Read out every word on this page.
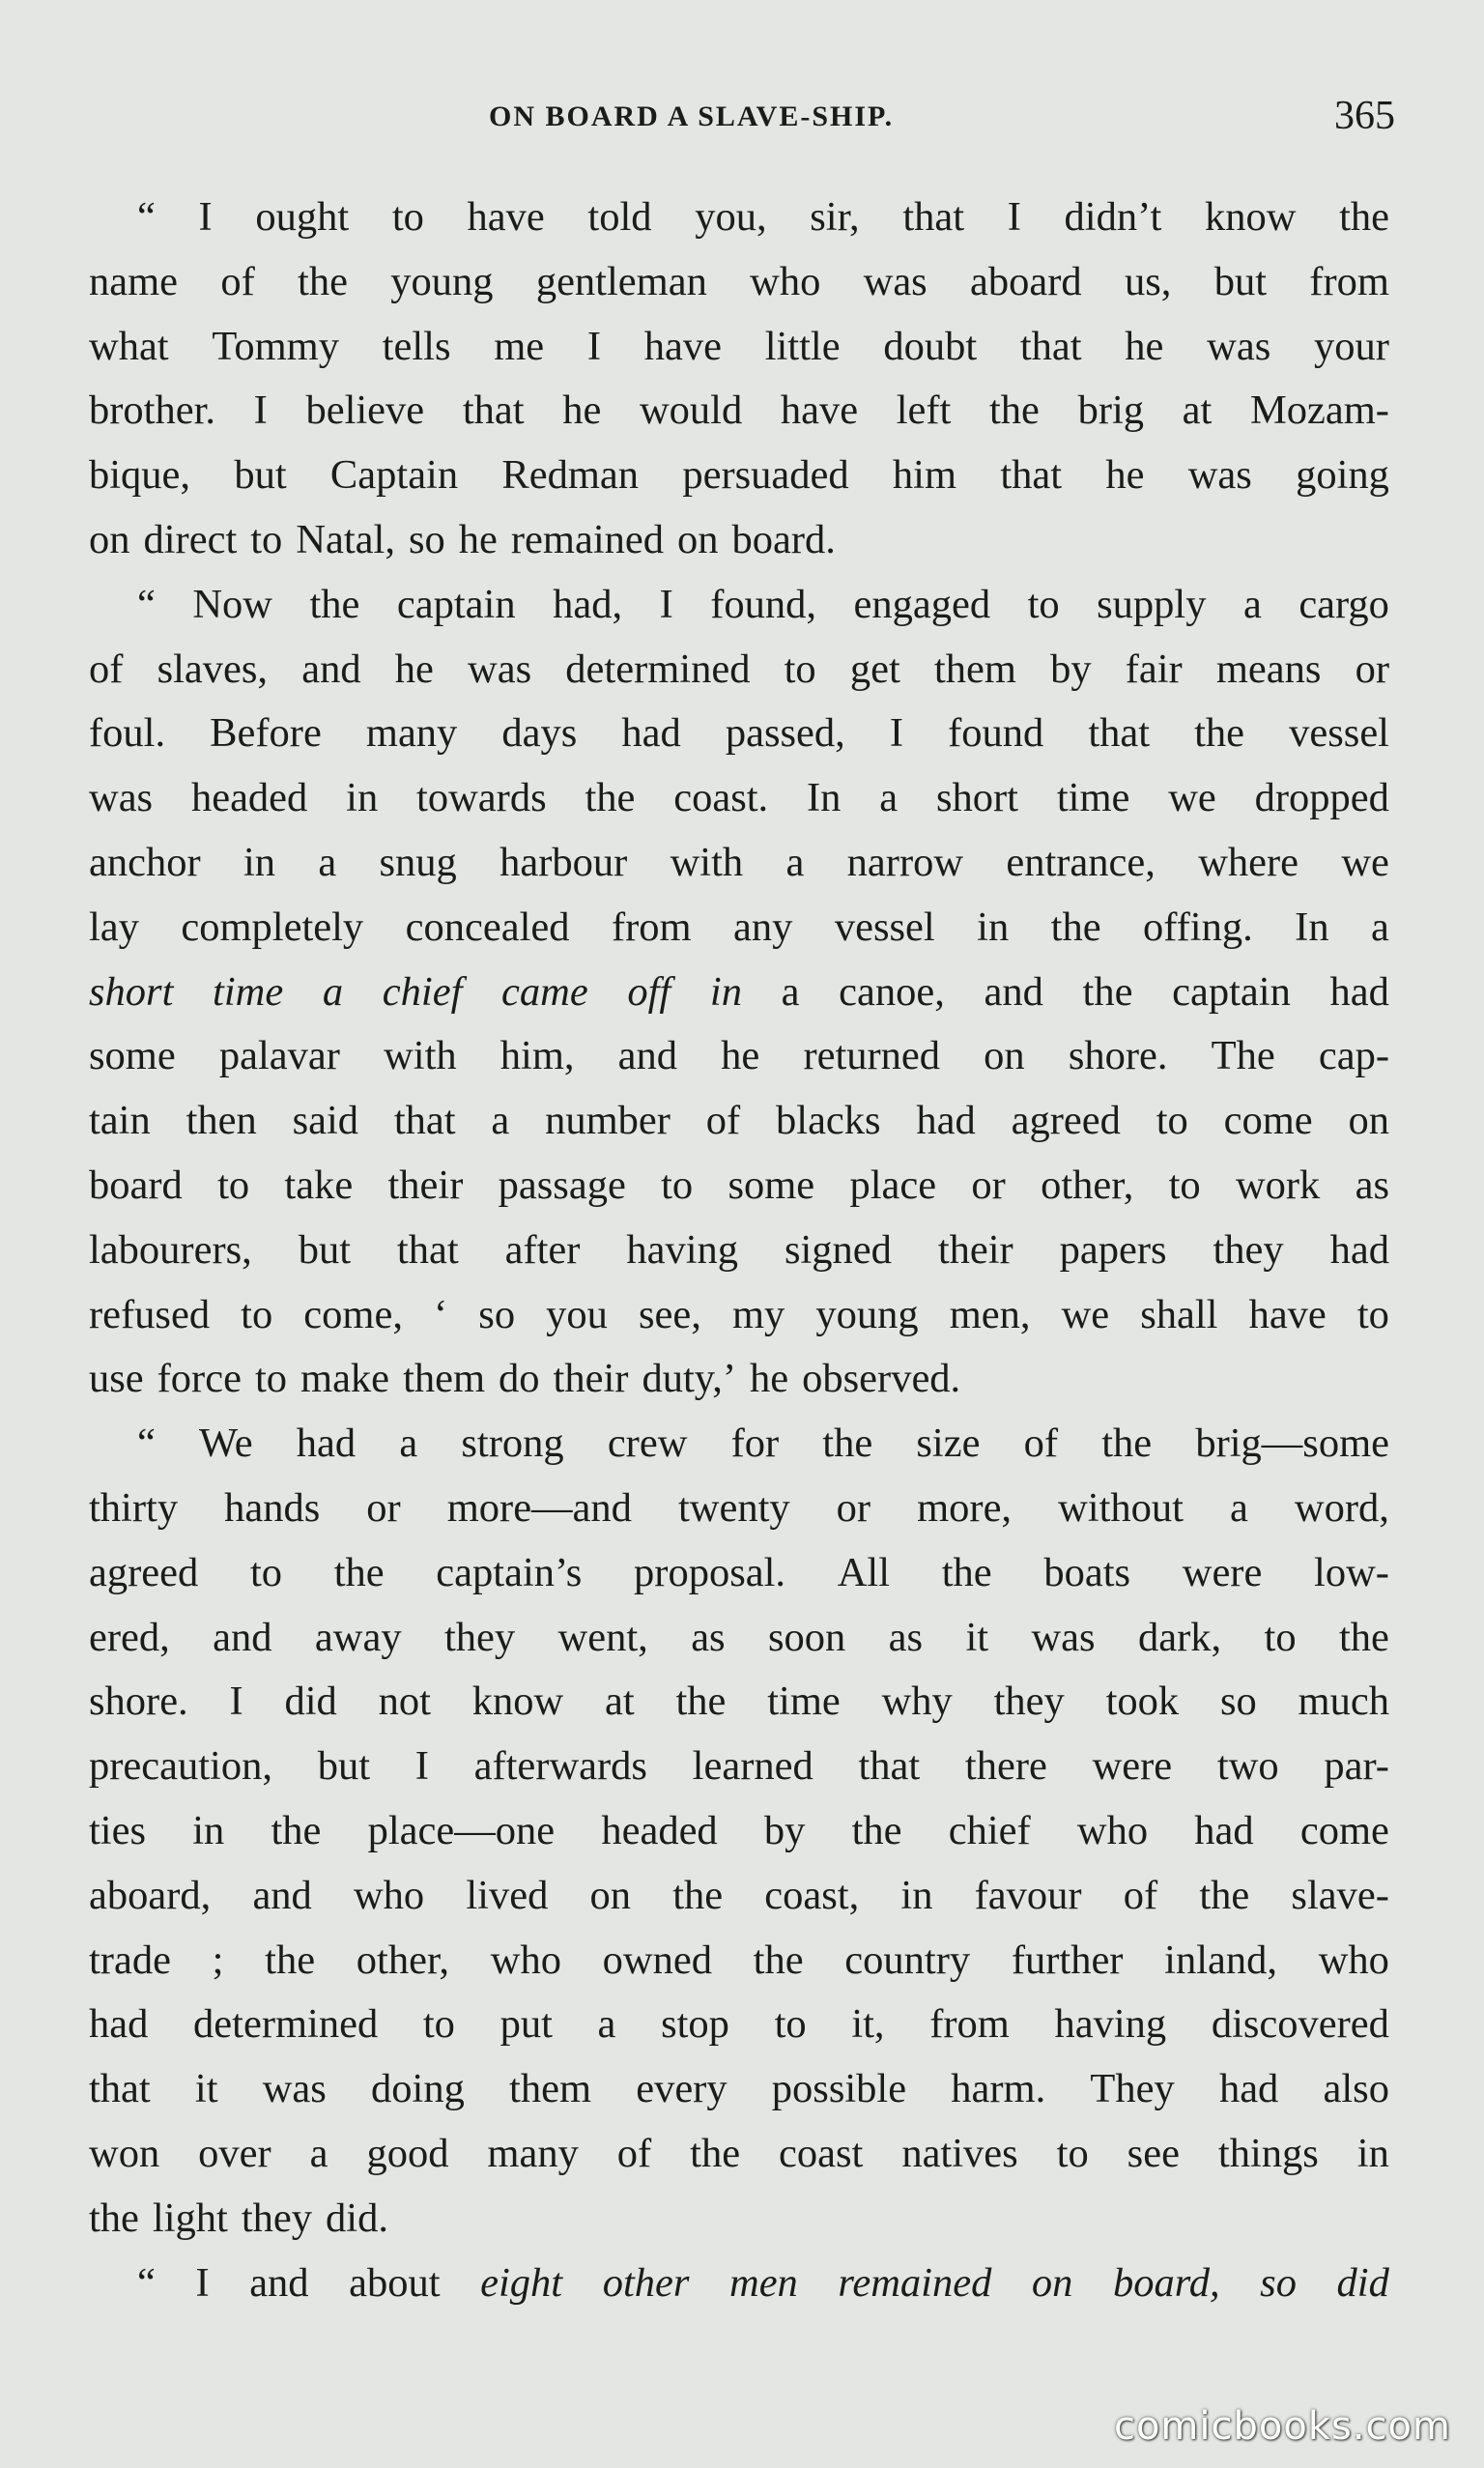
ON BOARD A SLAVE-SHIP.	365
“ I ought to have told you, sir, that I didn’t know the
name of the young gentleman who was aboard us, but from
what Tommy tells me I have little doubt that he was your
brother. I believe that he would have left the brig at Mozam-
bique, but Captain Redman persuaded him that he was going
on direct to Natal, so he remained on board.
“ Now the captain had, I found, engaged to supply a cargo
of slaves, and he was determined to get them by fair means or
foul. Before many days had passed, I found that the vessel
was headed in towards the coast. In a short time we dropped
anchor in a snug harbour with a narrow entrance, where we
lay completely concealed from any vessel in the offing. In a
short time a chief came off in a canoe, and the captain had
some palavar with him, and he returned on shore. The cap-
tain then said that a number of blacks had agreed to come on
board to take their passage to some place or other, to work as
labourers, but that after having signed their papers they had
refused to come, ‘ so you see, my young men, we shall have to
use force to make them do their duty,’ he observed.
“ We had a strong crew for the size of the brig—some
thirty hands or more—and twenty or more, without a word,
agreed to the captain’s proposal. All the boats were low-
ered, and away they went, as soon as it was dark, to the
shore. I did not know at the time why they took so much
precaution, but I afterwards learned that there were two par-
ties in the place—one headed by the chief who had come
aboard, and who lived on the coast, in favour of the slave-
trade ; the other, who owned the country further inland, who
had determined to put a stop to it, from having discovered
that it was doing them every possible harm. They had also
won over a good many of the coast natives to see things in
the light they did.
“ I and about eight other men remained on board, so did
comicbooks.com
